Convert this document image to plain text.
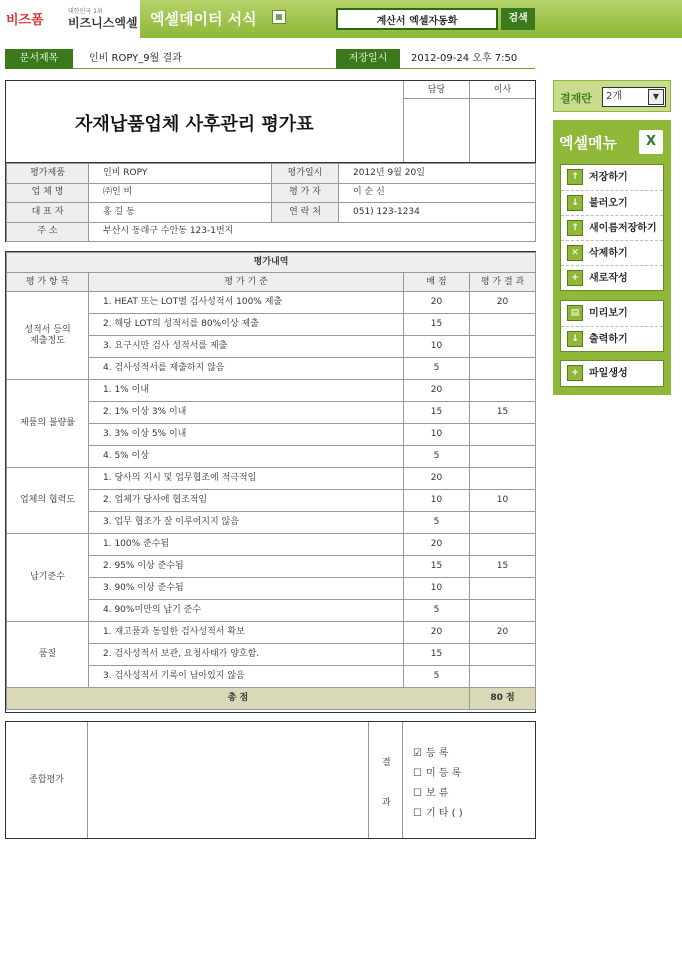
비즈폼
대한민국 1위
비즈니스엑셀 엑셀데이터 서식	▦
계산서 엑셀자동화	검색
문서제목	인비 ROPY_9월 결과	저장일시	2012-09-24 오후 7:50
담당	이사
자재납품업체 사후관리 평가표
평가제품	인비 ROPY	평가일시	2012년 9월 20일
업 체 명	㈜인 비	평 가 자	이 순 신
대 표 자	홍 길 동	연 락 처	051) 123-1234
주 소	부산시 동래구 수안동 123-1번지		
평가내역			
평 가 항 목	평 가 기 준	배 점	평 가 결 과
성적서 등의
제출정도	1. HEAT 또는 LOT별 검사성적서 100% 제출	20	20
	2. 해당 LOT의 성적서를 80%이상 제출	15	
	3. 요구시만 검사 성적서를 제출	10	
	4. 검사성적서를 제출하지 않음	5	
제품의 불량률	1. 1% 이내	20	
	2. 1% 이상 3% 이내	15	15
	3. 3% 이상 5% 이내	10	
	4. 5% 이상	5	
업체의 협력도	1. 당사의 지시 및 업무협조에 적극적임	20	
	2. 업체가 당사에 협조적임	10	10
	3. 업무 협조가 잘 이루어지지 않음	5	
납기준수	1. 100% 준수됨	20	
	2. 95% 이상 준수됨	15	15
	3. 90% 이상 준수됨	10	
	4. 90%미만의 납기 준수	5	
품질	1. 재고품과 동일한 검사성적서 확보	20	20
	2. 검사성적서 보관, 요청사태가 양호함.	15	
	3. 검사성적서 기록이 남아있지 않음	5	
총 점			80 점
종합평가
결
과
☑ 등 록
☐ 미 등 록
☐ 보 류
☐ 기 타 ( )
결재란	2개	▼
엑셀메뉴	X
↑	저장하기
↓	불러오기
↑	새이름저장하기
✕	삭제하기
+	새로작성
▤ 미리보기
↓	출력하기
+	파일생성
